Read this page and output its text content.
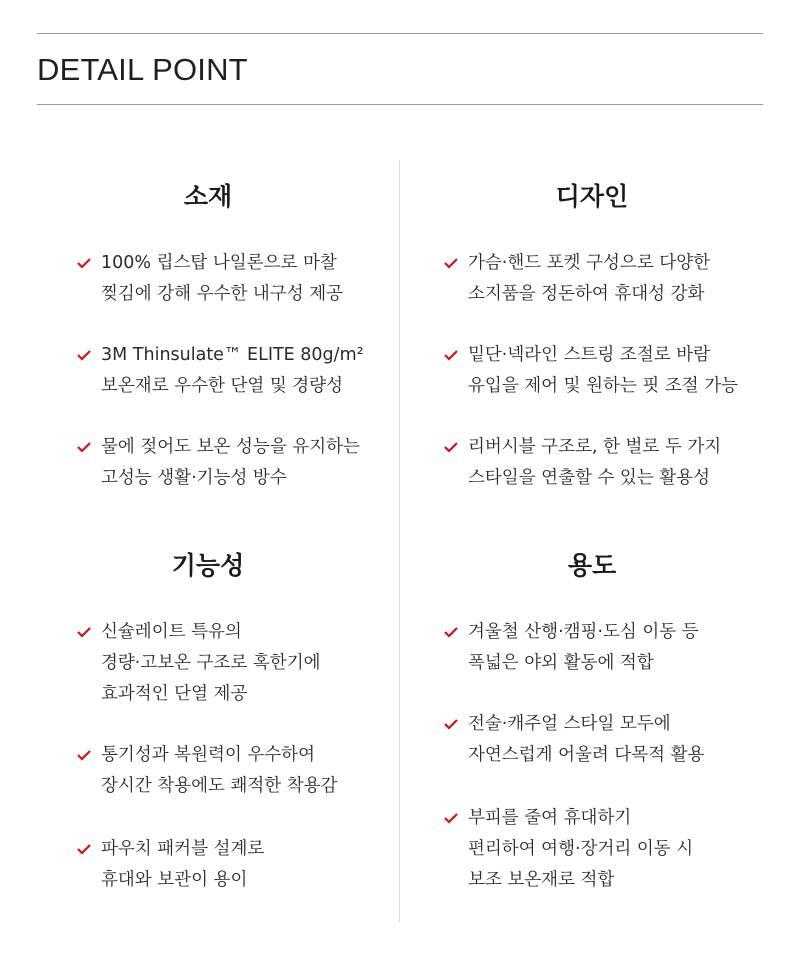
DETAIL POINT
소재
100% 립스탑 나일론으로 마찰
찢김에 강해 우수한 내구성 제공
3M Thinsulate™ ELITE 80g/m²
보온재로 우수한 단열 및 경량성
물에 젖어도 보온 성능을 유지하는
고성능 생활·기능성 방수
디자인
가슴·핸드 포켓 구성으로 다양한
소지품을 정돈하여 휴대성 강화
밑단·넥라인 스트링 조절로 바람
유입을 제어 및 원하는 핏 조절 가능
리버시블 구조로, 한 벌로 두 가지
스타일을 연출할 수 있는 활용성
기능성
신슐레이트 특유의
경량·고보온 구조로 혹한기에
효과적인 단열 제공
통기성과 복원력이 우수하여
장시간 착용에도 쾌적한 착용감
파우치 패커블 설계로
휴대와 보관이 용이
용도
겨울철 산행·캠핑·도심 이동 등
폭넓은 야외 활동에 적합
전술·캐주얼 스타일 모두에
자연스럽게 어울려 다목적 활용
부피를 줄여 휴대하기
편리하여 여행·장거리 이동 시
보조 보온재로 적합
